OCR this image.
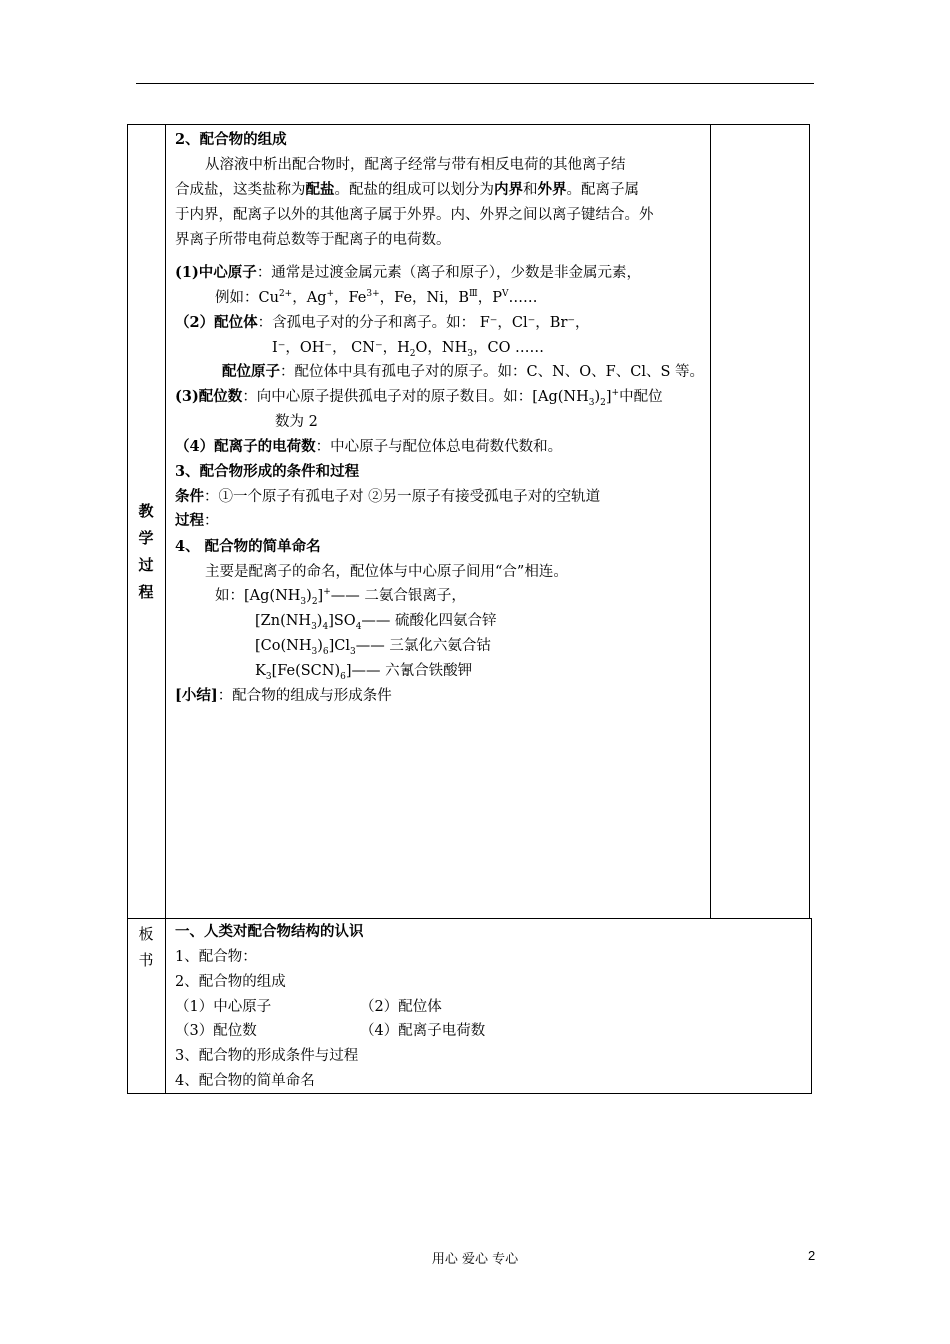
教学过程
2、配合物的组成
从溶液中析出配合物时，配离子经常与带有相反电荷的其他离子结
合成盐，这类盐称为配盐。配盐的组成可以划分为内界和外界。配离子属
于内界，配离子以外的其他离子属于外界。内、外界之间以离子键结合。外
界离子所带电荷总数等于配离子的电荷数。
(1)中心原子：通常是过渡金属元素（离子和原子），少数是非金属元素，
例如：$Cu^{2+}$，Ag+，$Fe^{3+}$，Fe，Ni，$B^Ⅲ$，$P^Ⅴ\dots\dots$
（2）配位体：含孤电子对的分子和离子。如： F⁻，Cl⁻，Br⁻，
I⁻，OH⁻， CN⁻，$H_2O$，$NH_3$，CO ……
配位原子：配位体中具有孤电子对的原子。如：C、N、O、F、Cl、S 等。
(3)配位数：向中心原子提供孤电子对的原子数目。如：$[Ag(NH_3)_2]^+$中配位
数为 2
（4）配离子的电荷数：中心原子与配位体总电荷数代数和。
3、配合物形成的条件和过程
条件：①一个原子有孤电子对 ②另一原子有接受孤电子对的空轨道
过程：
4、 配合物的简单命名
主要是配离子的命名，配位体与中心原子间用“合”相连。
如：$[Ag(NH_3)_2]^+——$ 二氨合银离子，
$[Zn(NH_3)_4]SO_4——$ 硫酸化四氨合锌
$[Co(NH_3)_6]Cl_3——$ 三氯化六氨合钴
$K_3[Fe(SCN)_6]——$ 六氰合铁酸钾
[小结]：配合物的组成与形成条件
板
书
一、人类对配合物结构的认识
1、配合物：
2、配合物的组成
（1）中心原子	（2）配位体
（3）配位数	（4）配离子电荷数
3、配合物的形成条件与过程
4、配合物的简单命名
用心 爱心 专心	2
